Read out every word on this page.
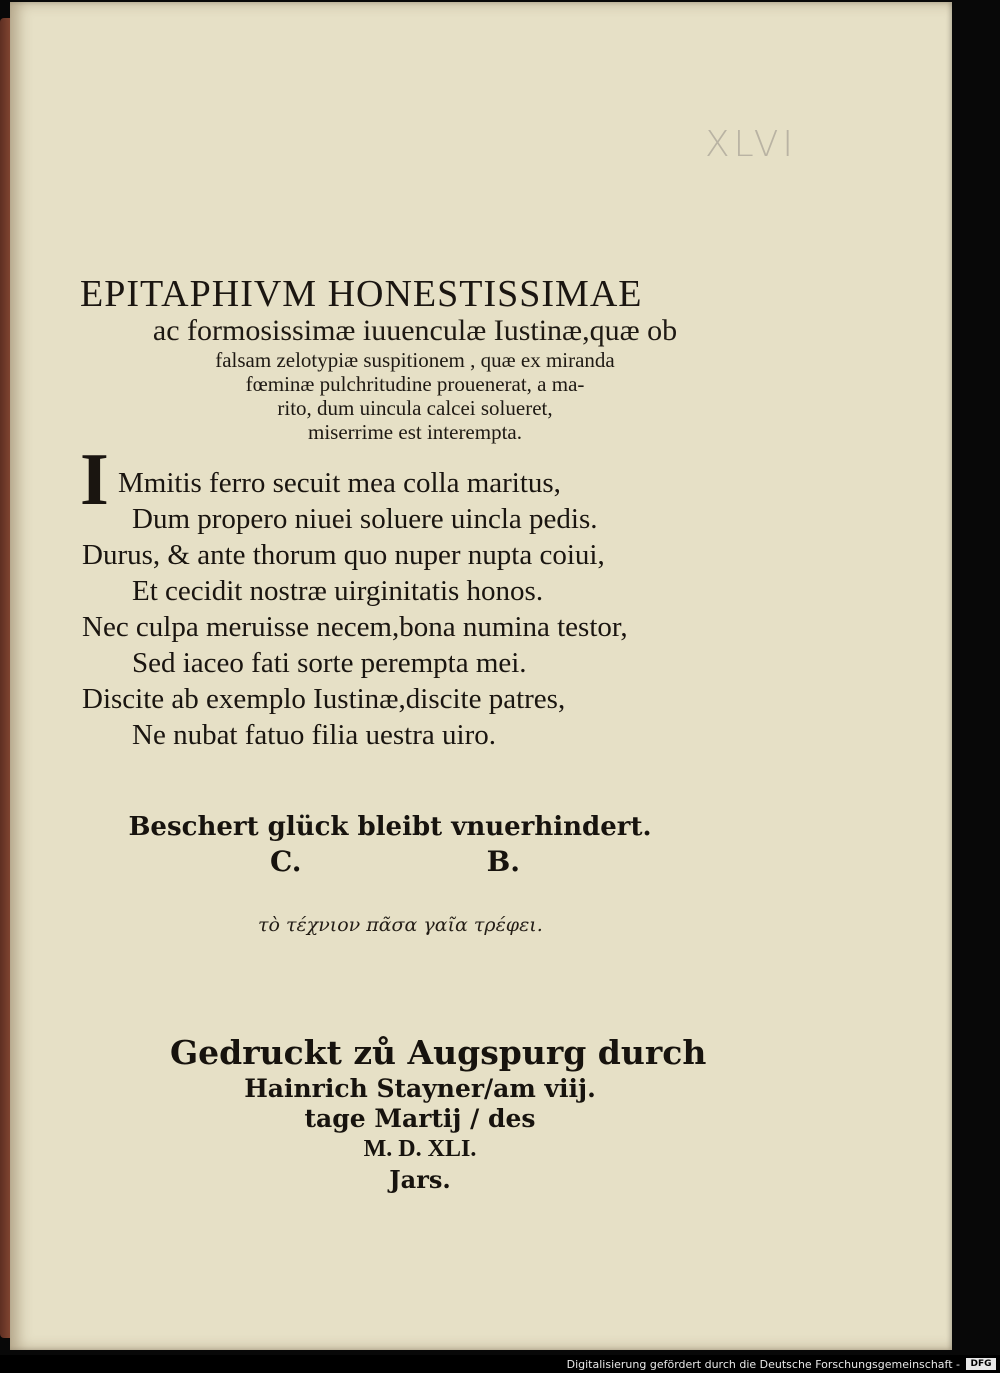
XLVI
EPITAPHIVM HONESTISSIMAE
ac formosissimæ iuuenculæ Iustinæ,quæ ob
falsam zelotypiæ suspitionem , quæ ex miranda
fœminæ pulchritudine prouenerat, a ma-
rito, dum uincula calcei solueret,
miserrime est interempta.
I Mmitis ferro secuit mea colla maritus,
Dum propero niuei soluere uincla pedis.
Durus, & ante thorum quo nuper nupta coiui,
Et cecidit nostræ uirginitatis honos.
Nec culpa meruisse necem,bona numina testor,
Sed iaceo fati sorte perempta mei.
Discite ab exemplo Iustinæ,discite patres,
Ne nubat fatuo filia uestra uiro.
Beschert glück bleibt vnuerhindert.
C.	B.
τὸ τέχνιον πᾶσα γαῖα τρέφει.
Gedruckt zů Augspurg durch
Hainrich Stayner/am viij.
tage Martij / des
M. D. XLI.
Jars.
Digitalisierung gefördert durch die Deutsche Forschungsgemeinschaft -	DFG
